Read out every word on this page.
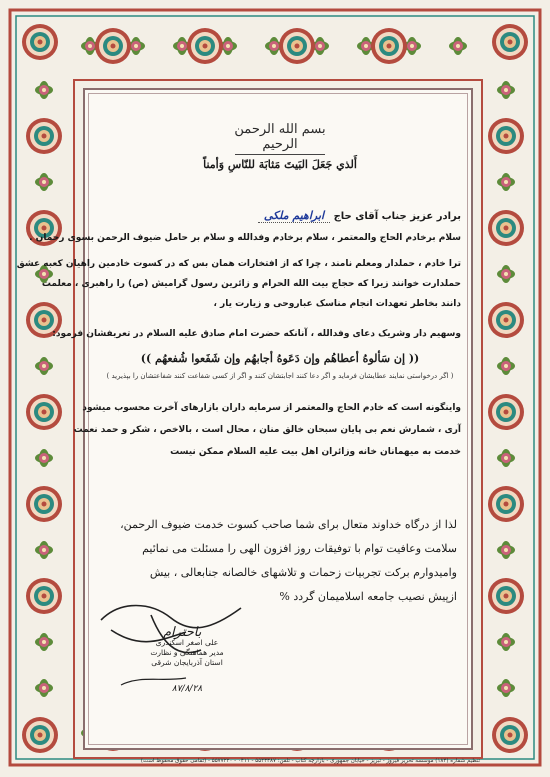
بسم الله الرحمن الرحیم
أَلذي جَعَلَ البَيتَ مَثابَة للنّاسِ وَأمناً
برادر عزیز جناب آقای حاج ابراهیم ملکی
سلام برخادم الحاج والمعتمر ، سلام برخادم وفدالله و سلام بر حامل ضیوف الرحمن بسوی رحمان .
ترا خادم ، حملدار ومعلم نامند ، چرا که از افتخارات همان بس که در کسوت خادمین راهیان کعبه عشق
حملدارت خوانند زیرا که حجاج بیت الله الحرام و زائرین رسول گرامیش (ص) را راهبری ، معلمت
دانند بخاطر تعهدات انجام مناسک عباروحی و زیارت یار ،
وسهیم دار وشریک دعای وفدالله ، آنانکه حضرت امام صادق علیه السلام در تعریفشان فرمود:
(( إن سَألوهُ أعطاهُم وإن دَعَوهُ أجابهُم وإن شَفَعوا شُفعهُم ))
( اگر درخواستی نمایند عطایشان فرماید و اگر دعا کنند اجابتشان کنند و اگر از کسی شفاعت کنند شفاعتشان را بپذیرید )
واینگونه است که خادم الحاج والمعتمر از سرمایه داران بازارهای آخرت محسوب میشود
آری ، شمارش نعم بی پایان سبحان خالق منان ، محال است ، بالاخص ، شکر و حمد نعمت
خدمت به میهمانان خانه وزائران اهل بیت علیه السلام ممکن نیست
لذا از درگاه خداوند متعال برای شما صاحب کسوت خدمت ضیوف الرحمن،
سلامت وعافیت توام با توفیقات روز افزون الهی را مسئلت می نمائیم
وامیدوارم برکت تجربیات زحمات و تلاشهای خالصانه جنابعالی ، بیش
ازپیش نصیب جامعه اسلامیمان گردد %
باحترام
علی اصغر اسکندری
مدیر هماهنگی و نظارت
استان آذربایجان شرقی
۸۷/۸/۲۸
تنظیم شماره (۱۸۴) موسسه تحریر فیروز - تبریز - خیابان جمهوری - بازارچه کتاب - تلفن: ۵۵۴۳۳۸۷ - ۰۴۱۱ - ۵۵۷۷۲۲۰ - (تمامی حقوق محفوظ است)
